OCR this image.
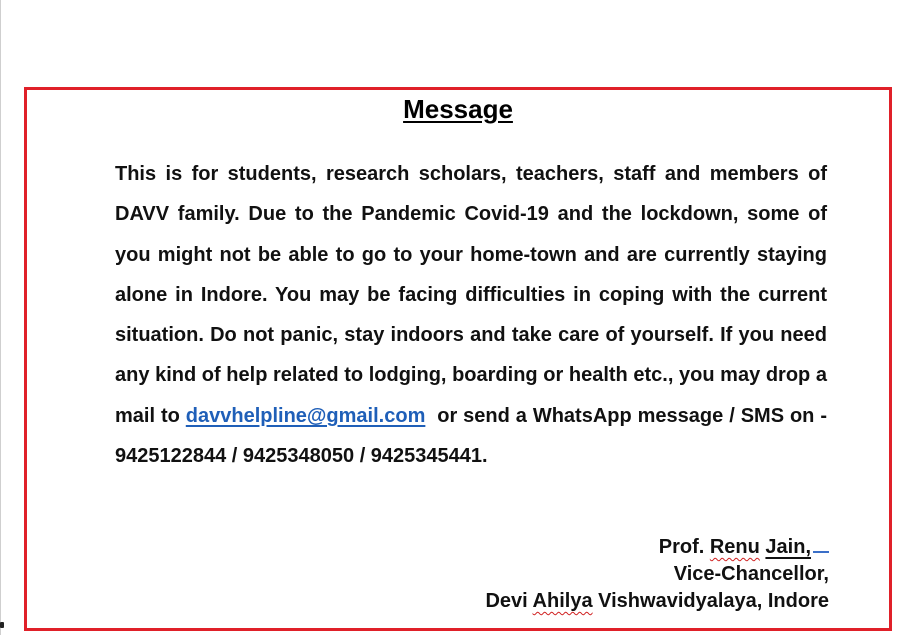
Message

This is for students, research scholars, teachers, staff and members of DAVV family. Due to the Pandemic Covid-19 and the lockdown, some of you might not be able to go to your home-town and are currently staying alone in Indore. You may be facing difficulties in coping with the current situation. Do not panic, stay indoors and take care of yourself. If you need any kind of help related to lodging, boarding or health etc., you may drop a mail to davvhelpline@gmail.com or send a WhatsApp message / SMS on - 9425122844 / 9425348050 / 9425345441.

Prof. Renu Jain,
Vice-Chancellor,
Devi Ahilya Vishwavidyalaya, Indore
